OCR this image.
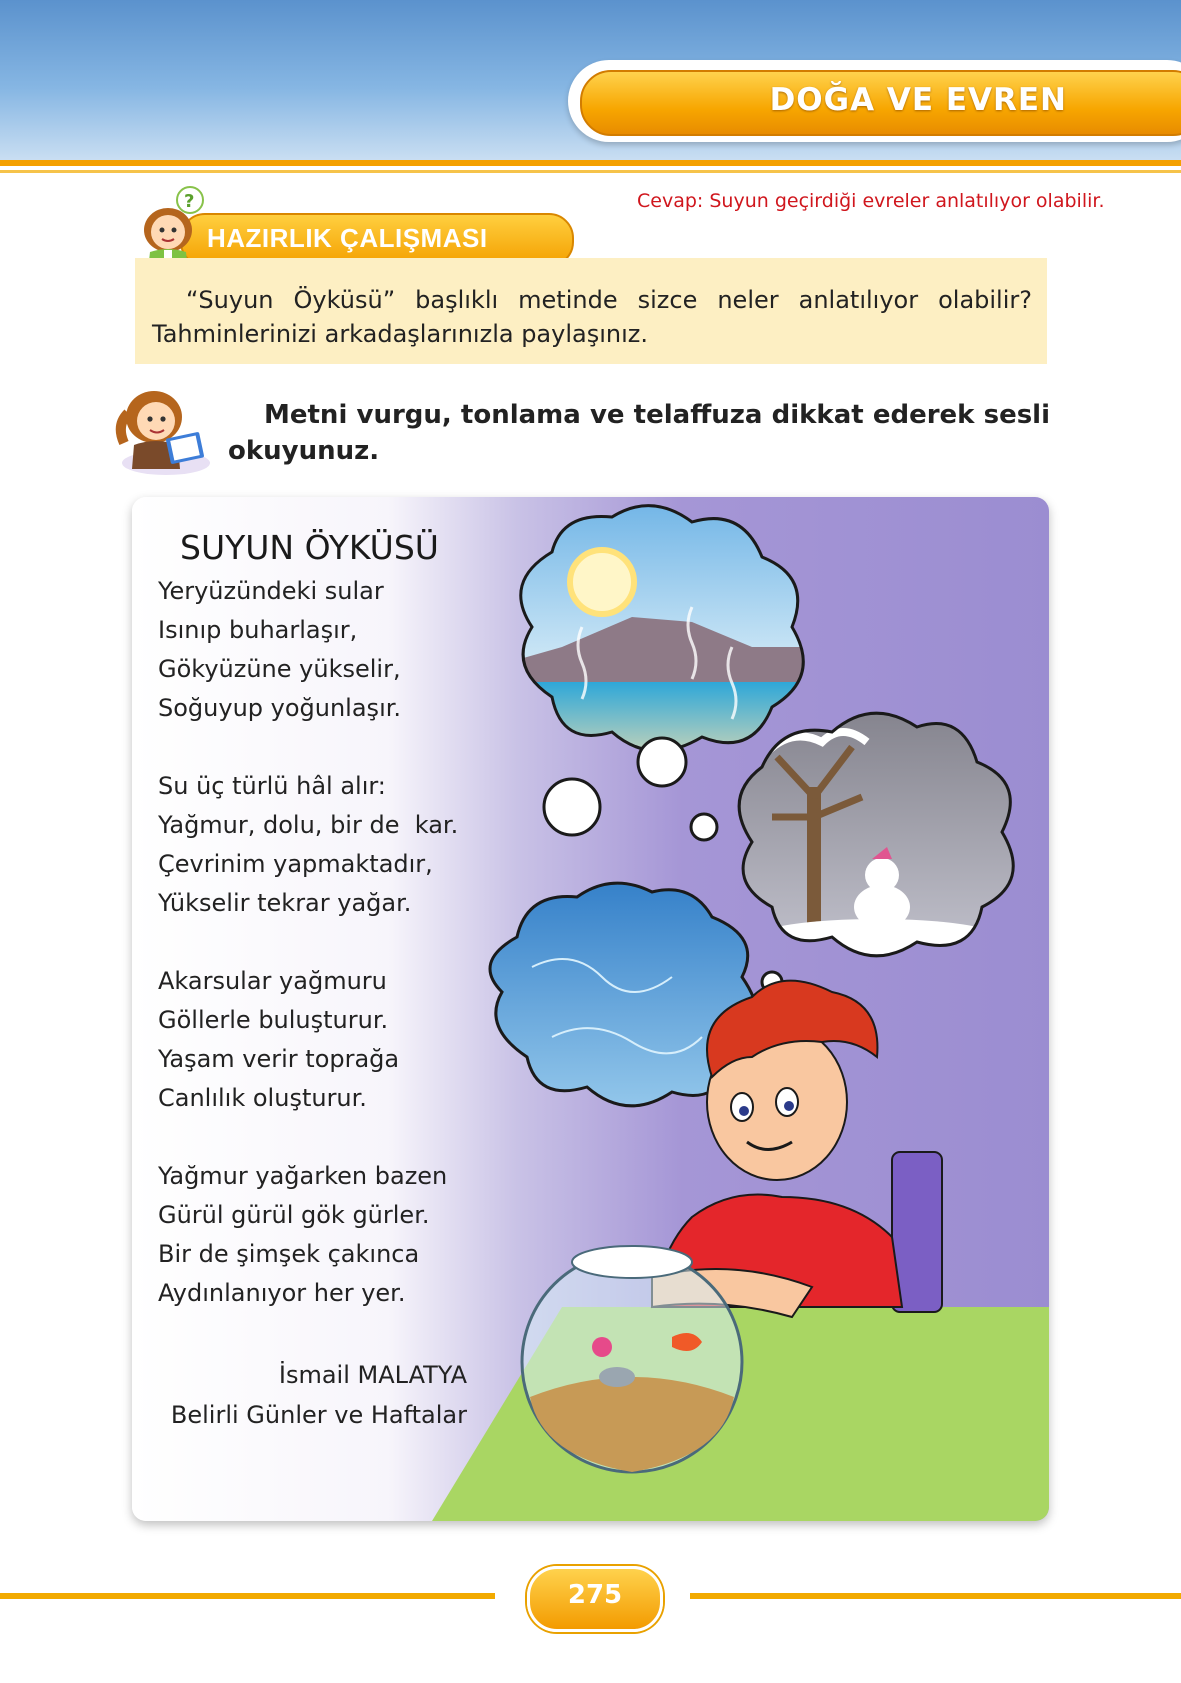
DOĞA VE EVREN
Cevap: Suyun geçirdiği evreler anlatılıyor olabilir.
HAZIRLIK ÇALIŞMASI
?
“Suyun Öyküsü” başlıklı metinde sizce neler anlatılıyor olabilir? Tahminlerinizi arkadaşlarınızla paylaşınız.
Metni vurgu, tonlama ve telaffuza dikkat ederek sesli okuyunuz.
SUYUN ÖYKÜSÜ
Yeryüzündeki sular
Isınıp buharlaşır,
Gökyüzüne yükselir,
Soğuyup yoğunlaşır.
Su üç türlü hâl alır:
Yağmur, dolu, bir de  kar.
Çevrinim yapmaktadır,
Yükselir tekrar yağar.
Akarsular yağmuru
Göllerle buluşturur.
Yaşam verir toprağa
Canlılık oluşturur.
Yağmur yağarken bazen
Gürül gürül gök gürler.
Bir de şimşek çakınca
Aydınlanıyor her yer.
İsmail MALATYA
Belirli Günler ve Haftalar
275
